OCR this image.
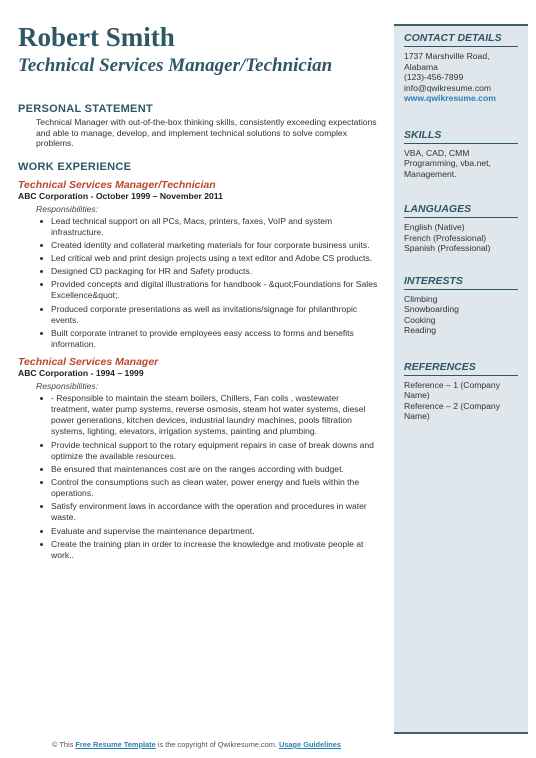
Robert Smith
Technical Services Manager/Technician
PERSONAL STATEMENT
Technical Manager with out-of-the-box thinking skills, consistently exceeding expectations and able to manage, develop, and implement technical solutions to solve complex problems.
WORK EXPERIENCE
Technical Services Manager/Technician
ABC Corporation - October 1999 – November 2011
Responsibilities:
Lead technical support on all PCs, Macs, printers, faxes, VoIP and system infrastructure.
Created identity and collateral marketing materials for four corporate business units.
Led critical web and print design projects using a text editor and Adobe CS products.
Designed CD packaging for HR and Safety products.
Provided concepts and digital illustrations for handbook - &quot;Foundations for Sales Excellence&quot;.
Produced corporate presentations as well as invitations/signage for philanthropic events.
Built corporate intranet to provide employees easy access to forms and benefits information.
Technical Services Manager
ABC Corporation - 1994 – 1999
Responsibilities:
- Responsible to maintain the steam boilers, Chillers, Fan coils , wastewater treatment, water pump systems, reverse osmosis, steam hot water systems, diesel power generations, kitchen devices, industrial laundry machines, pools filtration systems, lighting, elevators, irrigation systems, painting and plumbing.
Provide technical support to the rotary equipment repairs in case of break downs and optimize the available resources.
Be ensured that maintenances cost are on the ranges according with budget.
Control the consumptions such as clean water, power energy and fuels within the operations.
Satisfy environment laws in accordance with the operation and procedures in water waste.
Evaluate and supervise the maintenance department.
Create the training plan in order to increase the knowledge and motivate people at work..
CONTACT DETAILS
1737 Marshville Road,
Alabama
(123)-456-7899
info@qwikresume.com
www.qwikresume.com
SKILLS
VBA, CAD, CMM Programming, vba.net, Management.
LANGUAGES
English (Native)
French (Professional)
Spanish (Professional)
INTERESTS
Climbing
Snowboarding
Cooking
Reading
REFERENCES
Reference – 1 (Company Name)
Reference – 2 (Company Name)
© This Free Resume Template is the copyright of Qwikresume.com. Usage Guidelines
